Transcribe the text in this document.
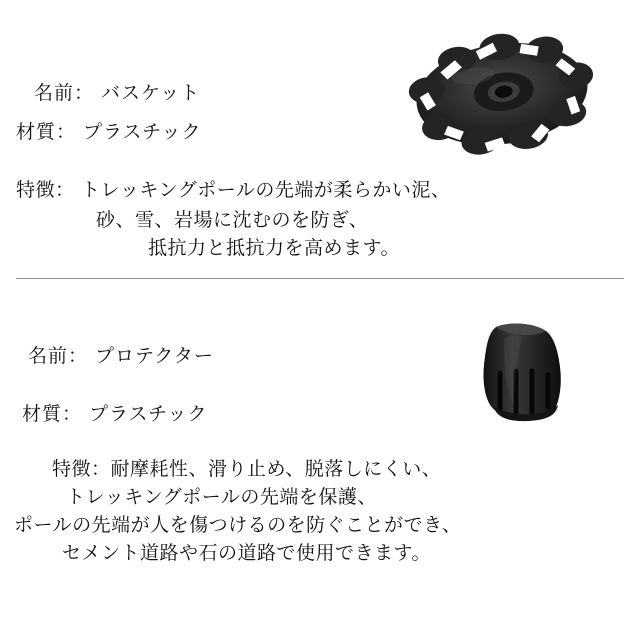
名前： バスケット
材質： プラスチック
特徴： トレッキングポールの先端が柔らかい泥、
砂、雪、岩場に沈むのを防ぎ、
抵抗力と抵抗力を高めます。
名前： プロテクター
材質： プラスチック
特徴：耐摩耗性、滑り止め、脱落しにくい、
トレッキングポールの先端を保護、
ポールの先端が人を傷つけるのを防ぐことができ、
セメント道路や石の道路で使用できます。
